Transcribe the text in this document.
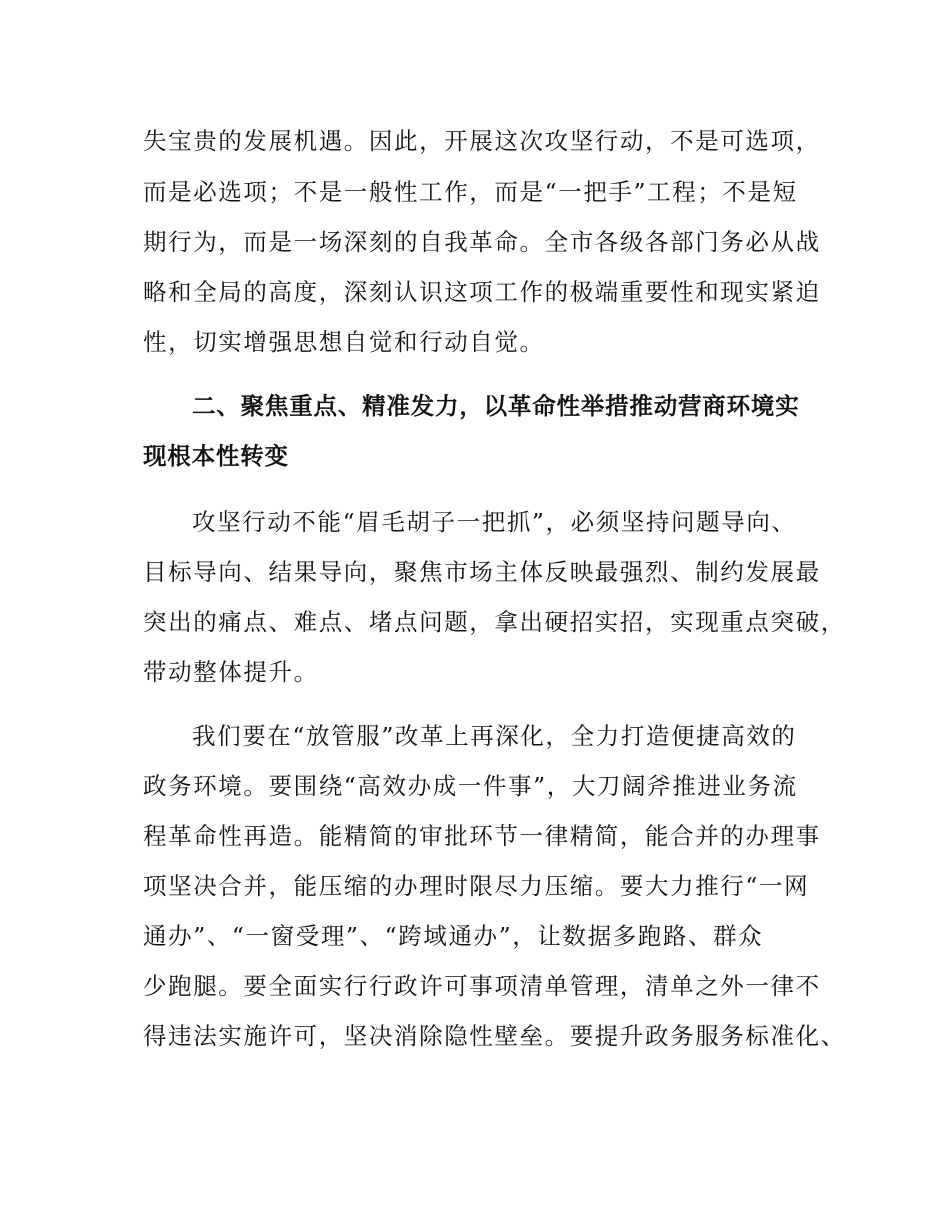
失宝贵的发展机遇。因此，开展这次攻坚行动，不是可选项，
而是必选项；不是一般性工作，而是“一把手”工程；不是短
期行为，而是一场深刻的自我革命。全市各级各部门务必从战
略和全局的高度，深刻认识这项工作的极端重要性和现实紧迫
性，切实增强思想自觉和行动自觉。
二、聚焦重点、精准发力，以革命性举措推动营商环境实
现根本性转变
攻坚行动不能“眉毛胡子一把抓”，必须坚持问题导向、
目标导向、结果导向，聚焦市场主体反映最强烈、制约发展最
突出的痛点、难点、堵点问题，拿出硬招实招，实现重点突破，
带动整体提升。
我们要在“放管服”改革上再深化，全力打造便捷高效的
政务环境。要围绕“高效办成一件事”，大刀阔斧推进业务流
程革命性再造。能精简的审批环节一律精简，能合并的办理事
项坚决合并，能压缩的办理时限尽力压缩。要大力推行“一网
通办”、“一窗受理”、“跨域通办”，让数据多跑路、群众
少跑腿。要全面实行行政许可事项清单管理，清单之外一律不
得违法实施许可，坚决消除隐性壁垒。要提升政务服务标准化、
